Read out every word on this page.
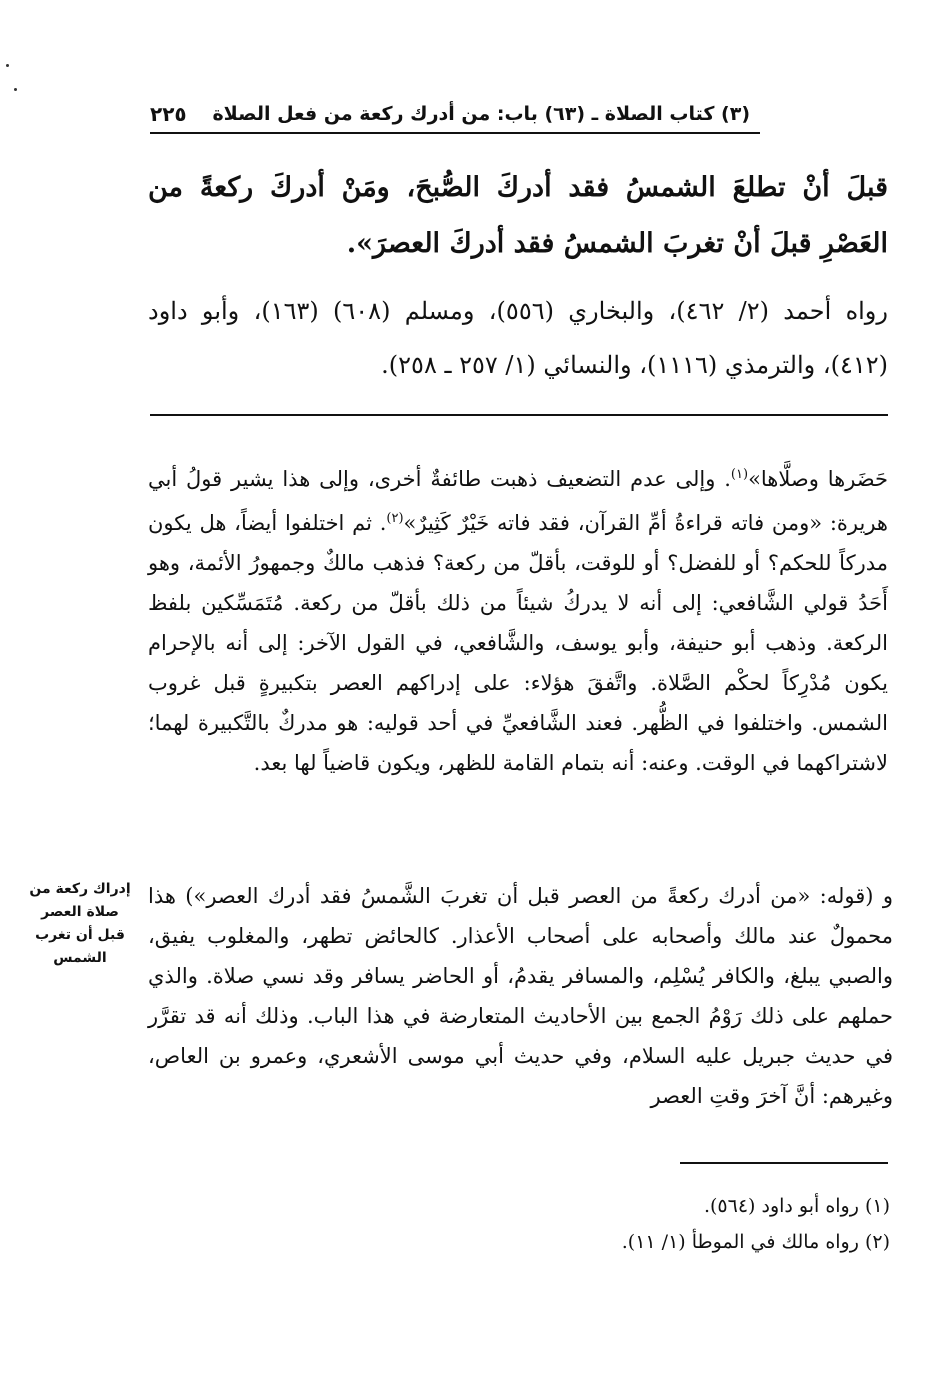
(٣) كتاب الصلاة ـ (٦٣) باب: من أدرك ركعة من فعل الصلاة
٢٢٥
قبلَ أنْ تطلعَ الشمسُ فقد أدركَ الصُّبحَ، ومَنْ أدركَ ركعةً من العَصْرِ قبلَ أنْ تغربَ الشمسُ فقد أدركَ العصرَ».
رواه أحمد (٢/ ٤٦٢)، والبخاري (٥٥٦)، ومسلم (٦٠٨) (١٦٣)، وأبو داود (٤١٢)، والترمذي (١١١٦)، والنسائي (١/ ٢٥٧ ـ ٢٥٨).
حَضَرها وصلَّاها»$^{(١)}$. وإلى عدم التضعيف ذهبت طائفةٌ أخرى، وإلى هذا يشير قولُ أبي هريرة: «ومن فاته قراءةُ أمِّ القرآن، فقد فاته خَيْرٌ كَثِيرٌ»$^{(٢)}$. ثم اختلفوا أيضاً، هل يكون مدركاً للحكم؟ أو للفضل؟ أو للوقت، بأقلّ من ركعة؟ فذهب مالكٌ وجمهورُ الأئمة، وهو أَحَدُ قولي الشَّافعي: إلى أنه لا يدركُ شيئاً من ذلك بأقلّ من ركعة. مُتَمَسِّكين بلفظ الركعة. وذهب أبو حنيفة، وأبو يوسف، والشَّافعي، في القول الآخر: إلى أنه بالإحرام يكون مُدْرِكاً لحكْم الصَّلاة. واتَّفقَ هؤلاء: على إدراكهم العصر بتكبيرةٍ قبل غروب الشمس. واختلفوا في الظُّهر. فعند الشَّافعيِّ في أحد قوليه: هو مدركٌ بالتَّكبيرة لهما؛ لاشتراكهما في الوقت. وعنه: أنه بتمام القامة للظهر، ويكون قاضياً لها بعد.
و (قوله: «من أدرك ركعةً من العصر قبل أن تغربَ الشَّمسُ فقد أدرك العصر») هذا محمولٌ عند مالك وأصحابه على أصحاب الأعذار. كالحائض تطهر، والمغلوب يفيق، والصبي يبلغ، والكافر يُسْلِم، والمسافر يقدمُ، أو الحاضر يسافر وقد نسي صلاة. والذي حملهم على ذلك رَوْمُ الجمع بين الأحاديث المتعارضة في هذا الباب. وذلك أنه قد تقرَّر في حديث جبريل عليه السلام، وفي حديث أبي موسى الأشعري، وعمرو بن العاص، وغيرهم: أنَّ آخرَ وقتِ العصر
إدراك ركعة من
صلاة العصر
قبل أن تغرب
الشمس
(١) رواه أبو داود (٥٦٤).
(٢) رواه مالك في الموطأ (١/ ١١).
